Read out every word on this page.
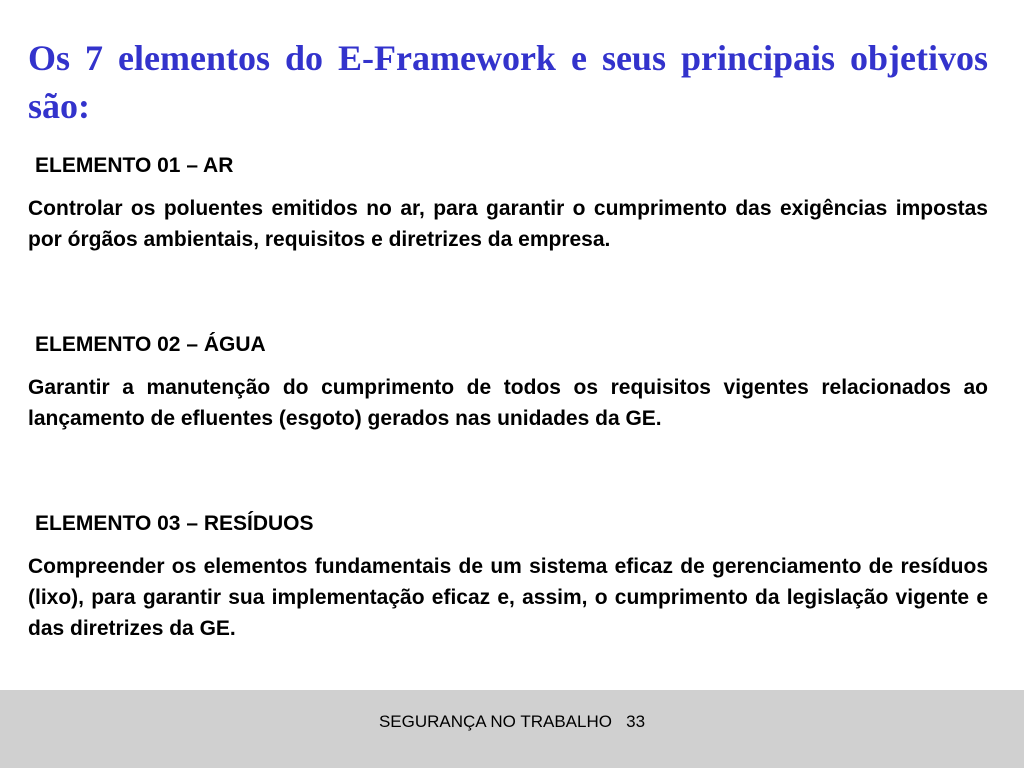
Os 7 elementos do E-Framework e seus principais objetivos são:

ELEMENTO 01 – AR

Controlar os poluentes emitidos no ar, para garantir o cumprimento das exigências impostas por órgãos ambientais, requisitos e diretrizes da empresa.

ELEMENTO 02 – ÁGUA

Garantir a manutenção do cumprimento de todos os requisitos vigentes relacionados ao lançamento de efluentes (esgoto) gerados nas unidades da GE.

ELEMENTO 03 – RESÍDUOS

Compreender os elementos fundamentais de um sistema eficaz de gerenciamento de resíduos (lixo), para garantir sua implementação eficaz e, assim, o cumprimento da legislação vigente e das diretrizes da GE.

SEGURANÇA NO TRABALHO 33
